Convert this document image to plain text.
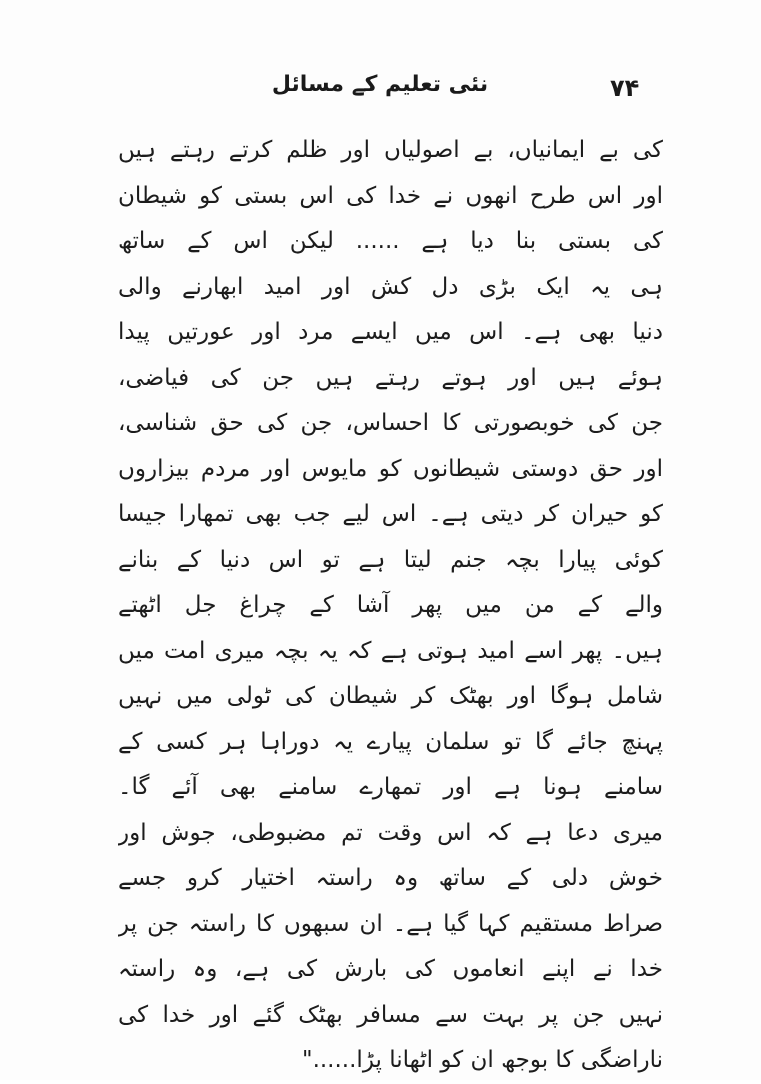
نئی تعلیم کے مسائل	۷۴
کی بے ایمانیاں، بے اصولیاں اور ظلم کرتے رہتے ہیں
اور اس طرح انھوں نے خدا کی اس بستی کو شیطان
کی بستی بنا دیا ہے ...... لیکن اس کے ساتھ
ہی یہ ایک بڑی دل کش اور امید ابھارنے والی
دنیا بھی ہے۔ اس میں ایسے مرد اور عورتیں پیدا
ہوئے ہیں اور ہوتے رہتے ہیں جن کی فیاضی،
جن کی خوبصورتی کا احساس، جن کی حق شناسی،
اور حق دوستی شیطانوں کو مایوس اور مردم بیزاروں
کو حیران کر دیتی ہے۔ اس لیے جب بھی تمھارا جیسا
کوئی پیارا بچہ جنم لیتا ہے تو اس دنیا کے بنانے
والے کے من میں پھر آشا کے چراغ جل اٹھتے
ہیں۔ پھر اسے امید ہوتی ہے کہ یہ بچہ میری امت میں
شامل ہوگا اور بھٹک کر شیطان کی ٹولی میں نہیں
پہنچ جائے گا تو سلمان پیارے یہ دوراہا ہر کسی کے
سامنے ہونا ہے اور تمھارے سامنے بھی آئے گا۔
میری دعا ہے کہ اس وقت تم مضبوطی، جوش اور
خوش دلی کے ساتھ وہ راستہ اختیار کرو جسے
صراط مستقیم کہا گیا ہے۔ ان سبھوں کا راستہ جن پر
خدا نے اپنے انعاموں کی بارش کی ہے، وہ راستہ
نہیں جن پر بہت سے مسافر بھٹک گئے اور خدا کی
ناراضگی کا بوجھ ان کو اٹھانا پڑا......"
